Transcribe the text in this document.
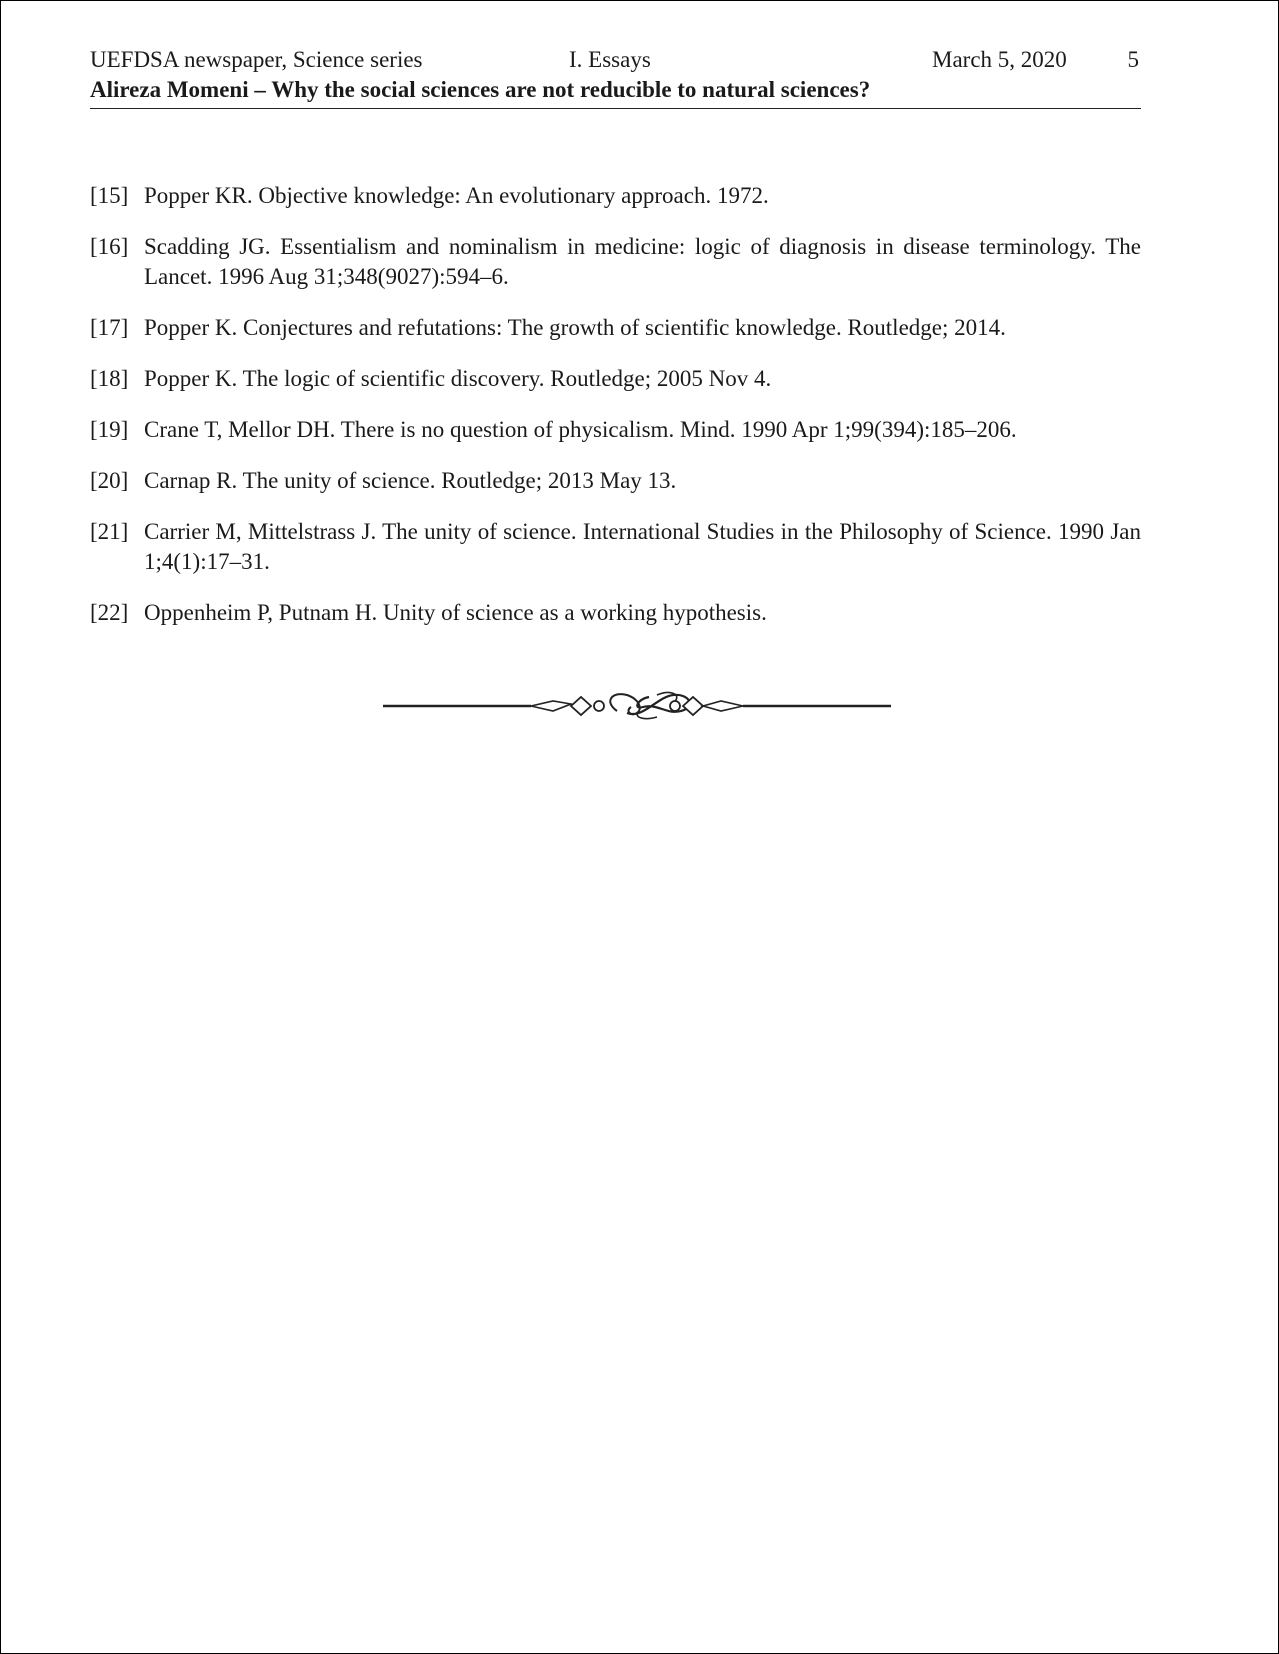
UEFDSA newspaper, Science series	I. Essays	March 5, 2020	5
Alireza Momeni – Why the social sciences are not reducible to natural sciences?
[15] Popper KR. Objective knowledge: An evolutionary approach. 1972.
[16] Scadding JG. Essentialism and nominalism in medicine: logic of diagnosis in disease terminology. The Lancet. 1996 Aug 31;348(9027):594–6.
[17] Popper K. Conjectures and refutations: The growth of scientific knowledge. Routledge; 2014.
[18] Popper K. The logic of scientific discovery. Routledge; 2005 Nov 4.
[19] Crane T, Mellor DH. There is no question of physicalism. Mind. 1990 Apr 1;99(394):185–206.
[20] Carnap R. The unity of science. Routledge; 2013 May 13.
[21] Carrier M, Mittelstrass J. The unity of science. International Studies in the Philosophy of Science. 1990 Jan 1;4(1):17–31.
[22] Oppenheim P, Putnam H. Unity of science as a working hypothesis.
